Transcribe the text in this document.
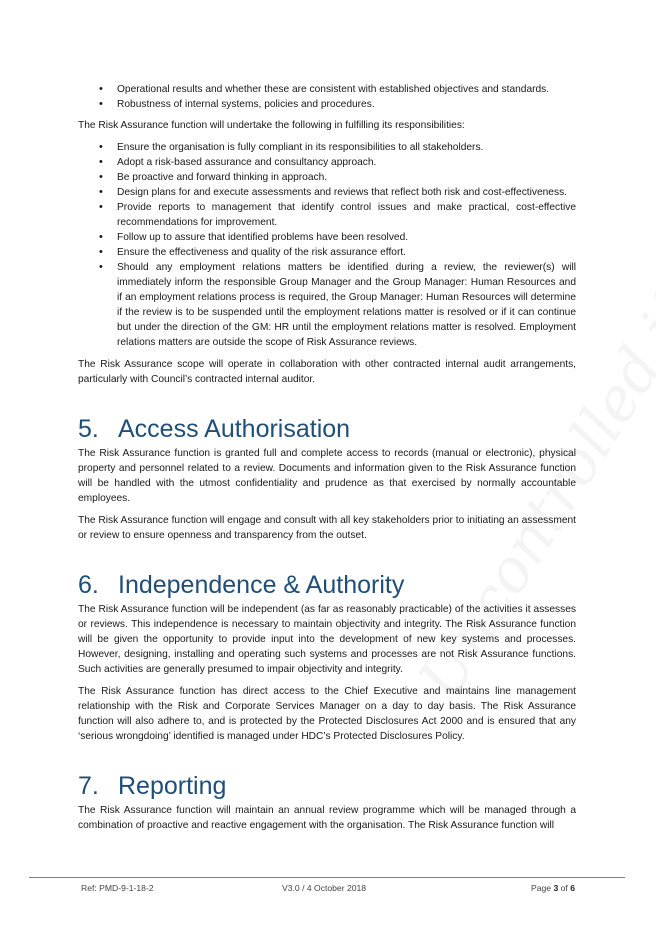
• Operational results and whether these are consistent with established objectives and standards.
• Robustness of internal systems, policies and procedures.

The Risk Assurance function will undertake the following in fulfilling its responsibilities:

• Ensure the organisation is fully compliant in its responsibilities to all stakeholders.
• Adopt a risk-based assurance and consultancy approach.
• Be proactive and forward thinking in approach.
• Design plans for and execute assessments and reviews that reflect both risk and cost-effectiveness.
• Provide reports to management that identify control issues and make practical, cost-effective recommendations for improvement.
• Follow up to assure that identified problems have been resolved.
• Ensure the effectiveness and quality of the risk assurance effort.
• Should any employment relations matters be identified during a review, the reviewer(s) will immediately inform the responsible Group Manager and the Group Manager: Human Resources and if an employment relations process is required, the Group Manager: Human Resources will determine if the review is to be suspended until the employment relations matter is resolved or if it can continue but under the direction of the GM: HR until the employment relations matter is resolved. Employment relations matters are outside the scope of Risk Assurance reviews.

The Risk Assurance scope will operate in collaboration with other contracted internal audit arrangements, particularly with Council’s contracted internal auditor.

5. Access Authorisation

The Risk Assurance function is granted full and complete access to records (manual or electronic), physical property and personnel related to a review. Documents and information given to the Risk Assurance function will be handled with the utmost confidentiality and prudence as that exercised by normally accountable employees.

The Risk Assurance function will engage and consult with all key stakeholders prior to initiating an assessment or review to ensure openness and transparency from the outset.

6. Independence & Authority

The Risk Assurance function will be independent (as far as reasonably practicable) of the activities it assesses or reviews. This independence is necessary to maintain objectivity and integrity. The Risk Assurance function will be given the opportunity to provide input into the development of new key systems and processes. However, designing, installing and operating such systems and processes are not Risk Assurance functions. Such activities are generally presumed to impair objectivity and integrity.

The Risk Assurance function has direct access to the Chief Executive and maintains line management relationship with the Risk and Corporate Services Manager on a day to day basis. The Risk Assurance function will also adhere to, and is protected by the Protected Disclosures Act 2000 and is ensured that any ‘serious wrongdoing’ identified is managed under HDC’s Protected Disclosures Policy.

7. Reporting

The Risk Assurance function will maintain an annual review programme which will be managed through a combination of proactive and reactive engagement with the organisation. The Risk Assurance function will

Ref: PMD-9-1-18-2	V3.0 / 4 October 2018	Page 3 of 6
